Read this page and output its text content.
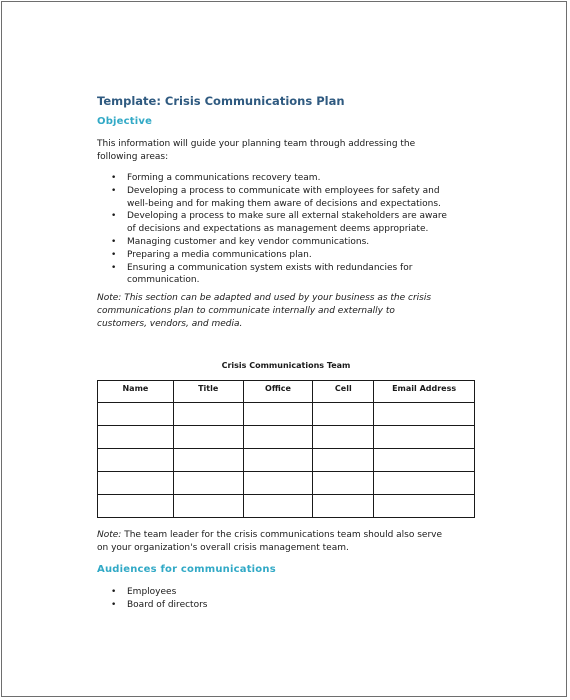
Template: Crisis Communications Plan
Objective
This information will guide your planning team through addressing the
following areas:
• Forming a communications recovery team.
• Developing a process to communicate with employees for safety and
well-being and for making them aware of decisions and expectations.
• Developing a process to make sure all external stakeholders are aware
of decisions and expectations as management deems appropriate.
• Managing customer and key vendor communications.
• Preparing a media communications plan.
• Ensuring a communication system exists with redundancies for
communication.
Note: This section can be adapted and used by your business as the crisis
communications plan to communicate internally and externally to
customers, vendors, and media.

Crisis Communications Team

Name	Title	Office	Cell	Email Address

Note: The team leader for the crisis communications team should also serve
on your organization's overall crisis management team.
Audiences for communications
• Employees
• Board of directors
